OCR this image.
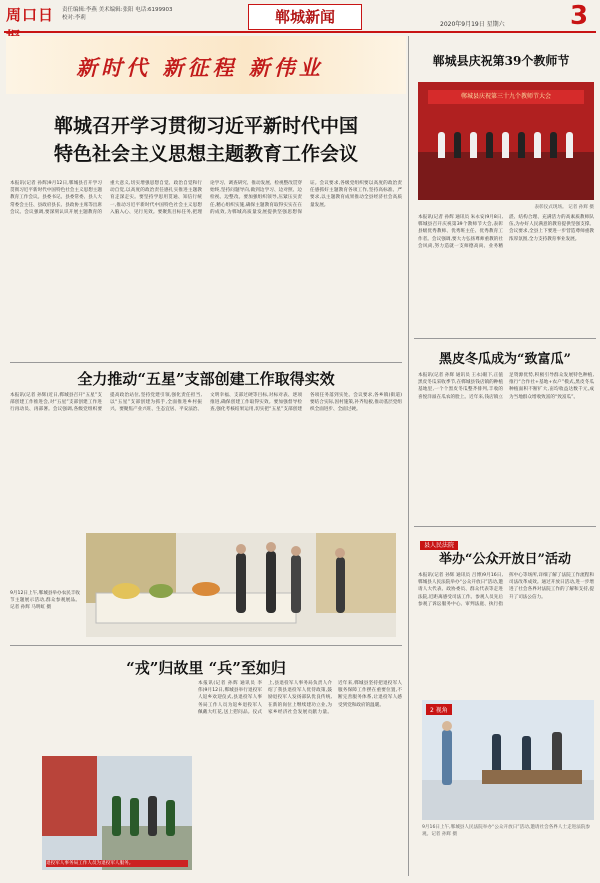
周口日	责任编辑:李燕 美术编辑:张阳 电话:6199903
校对:李莉	郸城新闻	2020年9月19日 星期六	3
新时代 新征程 新伟业
郸城召开学习贯彻习近平新时代中国
特色社会主义思想主题教育工作会议
本报讯(记者 孙辉)9月12日,郸城县召开学习贯彻习近平新时代中国特色社会主义思想主题教育工作会议。县委书记、县委常委、县人大常委会主任、县政府县长、县政协主席等出席会议。会议强调,要深刻认识开展主题教育的重大意义,切实增强思想自觉、政治自觉和行动自觉,以高度的政治责任感扎实推进主题教育走深走实。要坚持学思用贯通、知信行统一,推动习近平新时代中国特色社会主义思想入脑入心、见行见效。要聚焦目标任务,把理论学习、调查研究、推动发展、检视整改贯穿始终,坚持问题导向,做到边学习、边对照、边检视、边整改。要加强组织领导,压紧压实责任,精心组织实施,确保主题教育取得实实在在的成效,为郸城高质量发展提供坚强思想保证。会议要求,各级党组织要以高度的政治责任感抓好主题教育各项工作,坚持高标准、严要求,以主题教育成果推动全县经济社会高质量发展。
全力推动“五星”支部创建工作取得实效
本报讯(记者 孙辉)近日,郸城县召开“五星”支部创建工作推进会,对“五星”支部创建工作进行再动员、再部署。会议强调,各级党组织要提高政治站位,坚持党建引领,强化责任担当,以“五星”支部创建为抓手,全面推进乡村振兴。要聚焦产业兴旺、生态宜居、平安法治、文明幸福、支部过硬等目标,对标对表、逐项推进,确保创建工作取得实效。要加强督导检查,强化考核结果运用,切实把“五星”支部创建各项任务落到实处。会议要求,各乡镇(街道)要结合实际,因村施策,补齐短板,推动基层党组织全面进步、全面过硬。
9月12日上午,郸城县举办农民丰收节主题展示活动,群众参观展品。记者 孙辉 马明虹 摄
“戎”归故里 “兵”至如归
退役军人事务局工作人员为退役军人服务。
本报讯(记者 孙辉 通讯员 李伟)9月12日,郸城县举行退役军人返乡欢迎仪式,县退役军人事务局工作人员为返乡退役军人佩戴大红花,送上慰问品。仪式上,县退役军人事务局负责人介绍了我县退役军人优待政策,鼓励退役军人发扬部队优良传统,在新的岗位上继续建功立业,为家乡经济社会发展贡献力量。近年来,郸城县坚持把退役军人服务保障工作摆在重要位置,不断完善服务体系,让退役军人感受到党和政府的温暖。
郸城县庆祝第39个教师节
郸城县庆祝第三十九个教师节大会
表彰仪式现场。 记者 孙辉 摄
本报讯(记者 孙辉 通讯员 朱永安)9月8日,郸城县召开庆祝第39个教师节大会,表彰县级优秀教师、优秀班主任、优秀教育工作者。会议强调,要大力弘扬尊师重教的社会风尚,努力造就一支师德高尚、业务精湛、结构合理、充满活力的高素质教师队伍,为办好人民满意的教育提供坚强支撑。会议要求,全县上下要进一步营造尊师重教浓厚氛围,全力支持教育事业发展。
黑皮冬瓜成为“致富瓜”
本报讯(记者 孙辉 通讯员 王永)眼下,正值黑皮冬瓜采收季节,在郸城县钱店镇的种植基地里,一个个黑皮冬瓜整齐排列,丰收的喜悦洋溢在瓜农的脸上。近年来,钱店镇立足资源优势,积极引导群众发展特色种植,推行“合作社+基地+农户”模式,黑皮冬瓜种植面积不断扩大,亩均收益达数千元,成为当地群众增收致富的“致富瓜”。
县人民法院
举办“公众开放日”活动
本报讯(记者 孙辉 通讯员 吕博)9月16日,郸城县人民法院举办“公众开放日”活动,邀请人大代表、政协委员、群众代表等走进法院,近距离感受司法工作。参观人员先后参观了诉讼服务中心、审判法庭、执行指挥中心等场所,详细了解了法院工作流程和司法改革成效。通过开放日活动,进一步增进了社会各界对法院工作的了解和支持,提升了司法公信力。
2 视角
9月16日上午,郸城县人民法院举办“公众开放日”活动,邀请社会各界人士走进法院参观。记者 孙辉 摄
